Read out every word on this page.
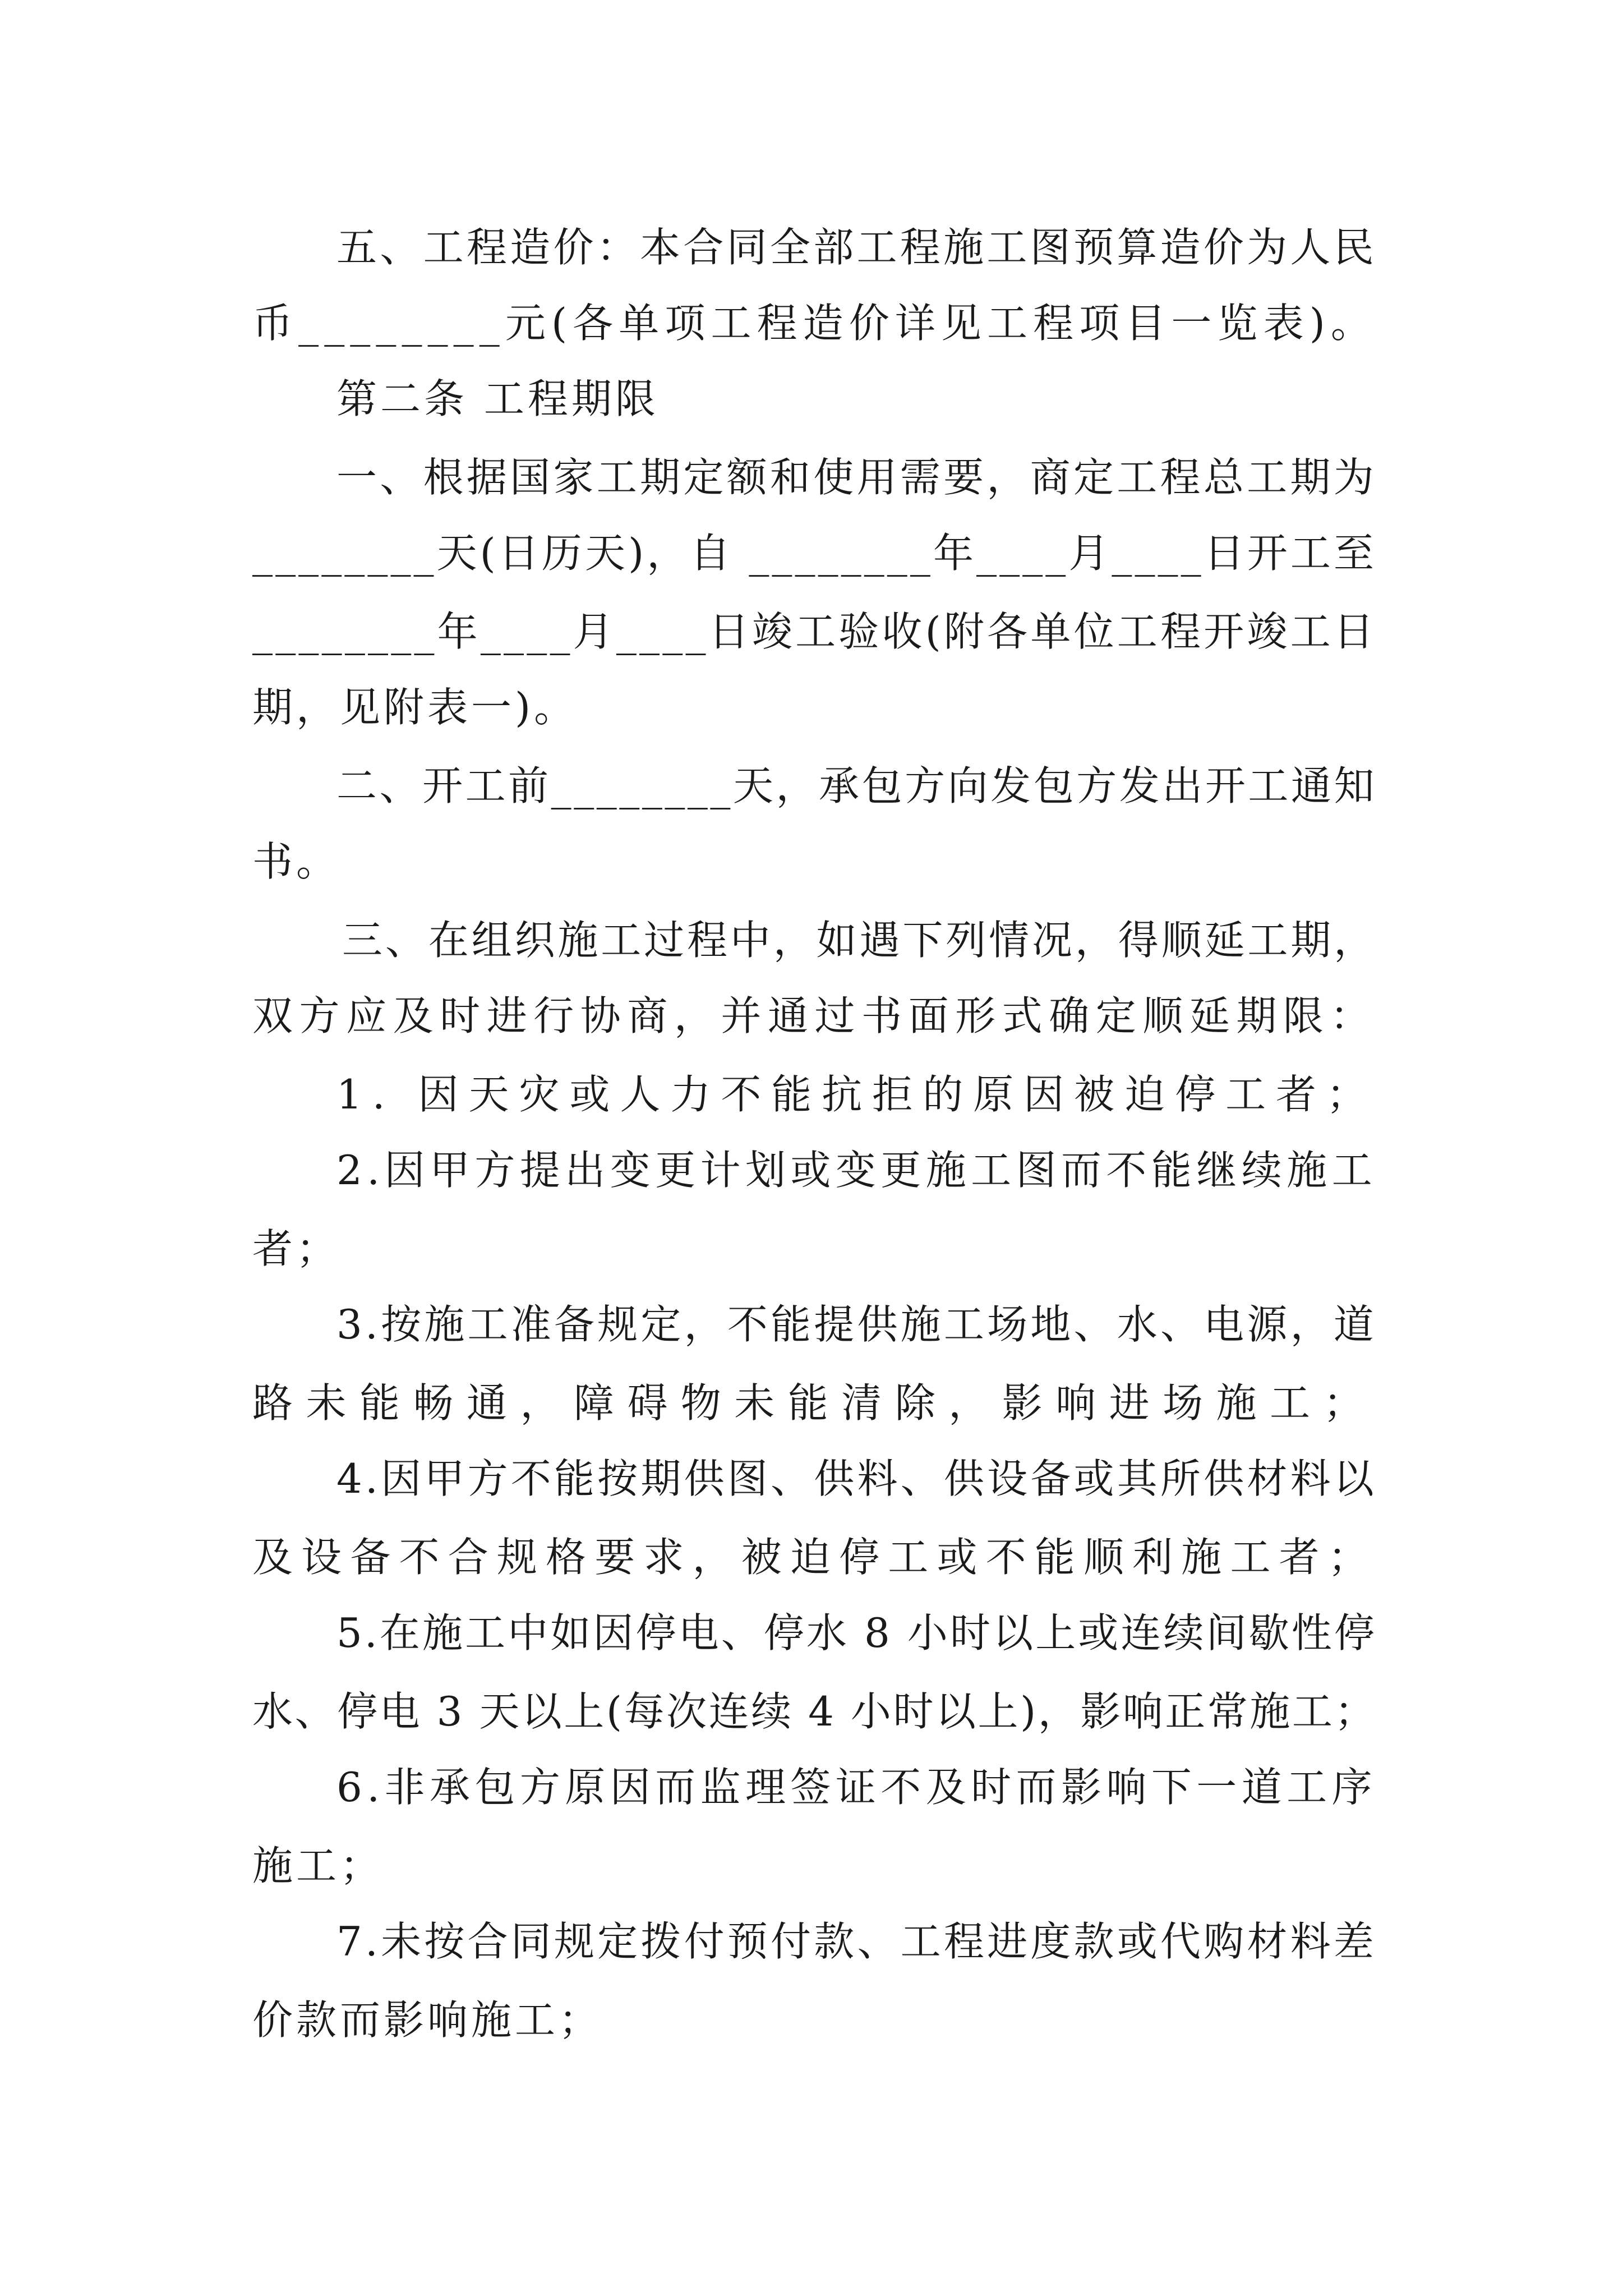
五、工程造价：本合同全部工程施工图预算造价为人民
币________元(各单项工程造价详见工程项目一览表)。
第二条 工程期限
一、根据国家工期定额和使用需要，商定工程总工期为
________天(日历天)，自 ________年____月____日开工至
________年____月____日竣工验收(附各单位工程开竣工日
期，见附表一)。
二、开工前________天，承包方向发包方发出开工通知
书。
三、在组织施工过程中，如遇下列情况，得顺延工期，
双方应及时进行协商，并通过书面形式确定顺延期限：
1. 因天灾或人力不能抗拒的原因被迫停工者；
2.因甲方提出变更计划或变更施工图而不能继续施工
者；
3.按施工准备规定，不能提供施工场地、水、电源，道
路未能畅通，障碍物未能清除，影响进场施工；
4.因甲方不能按期供图、供料、供设备或其所供材料以
及设备不合规格要求，被迫停工或不能顺利施工者；
5.在施工中如因停电、停水 8 小时以上或连续间歇性停
水、停电 3 天以上(每次连续 4 小时以上)，影响正常施工；
6.非承包方原因而监理签证不及时而影响下一道工序
施工；
7.未按合同规定拨付预付款、工程进度款或代购材料差
价款而影响施工；
